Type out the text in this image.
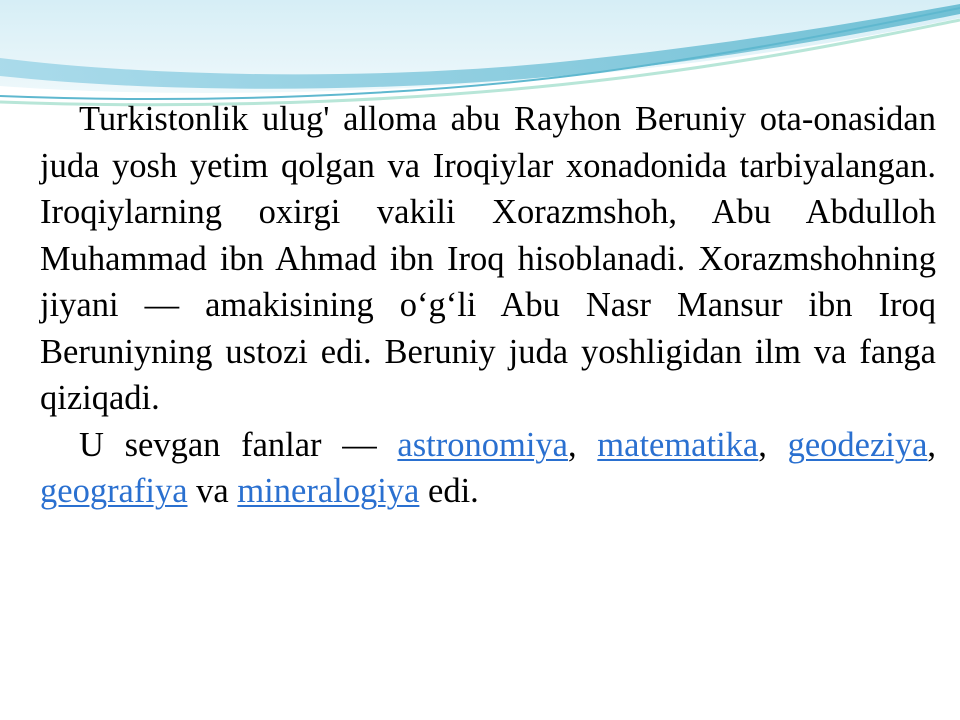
Turkistonlik ulug' alloma abu Rayhon Beruniy ota-onasidan juda yosh yetim qolgan va Iroqiylar xonadonida tarbiyalangan. Iroqiylarning oxirgi vakili Xorazmshoh, Abu Abdulloh Muhammad ibn Ahmad ibn Iroq hisoblanadi. Xorazmshohning jiyani — amakisining o‘g‘li Abu Nasr Mansur ibn Iroq Beruniyning ustozi edi. Beruniy juda yoshligidan ilm va fanga qiziqadi.

U sevgan fanlar — astronomiya, matematika, geodeziya, geografiya va mineralogiya edi.
